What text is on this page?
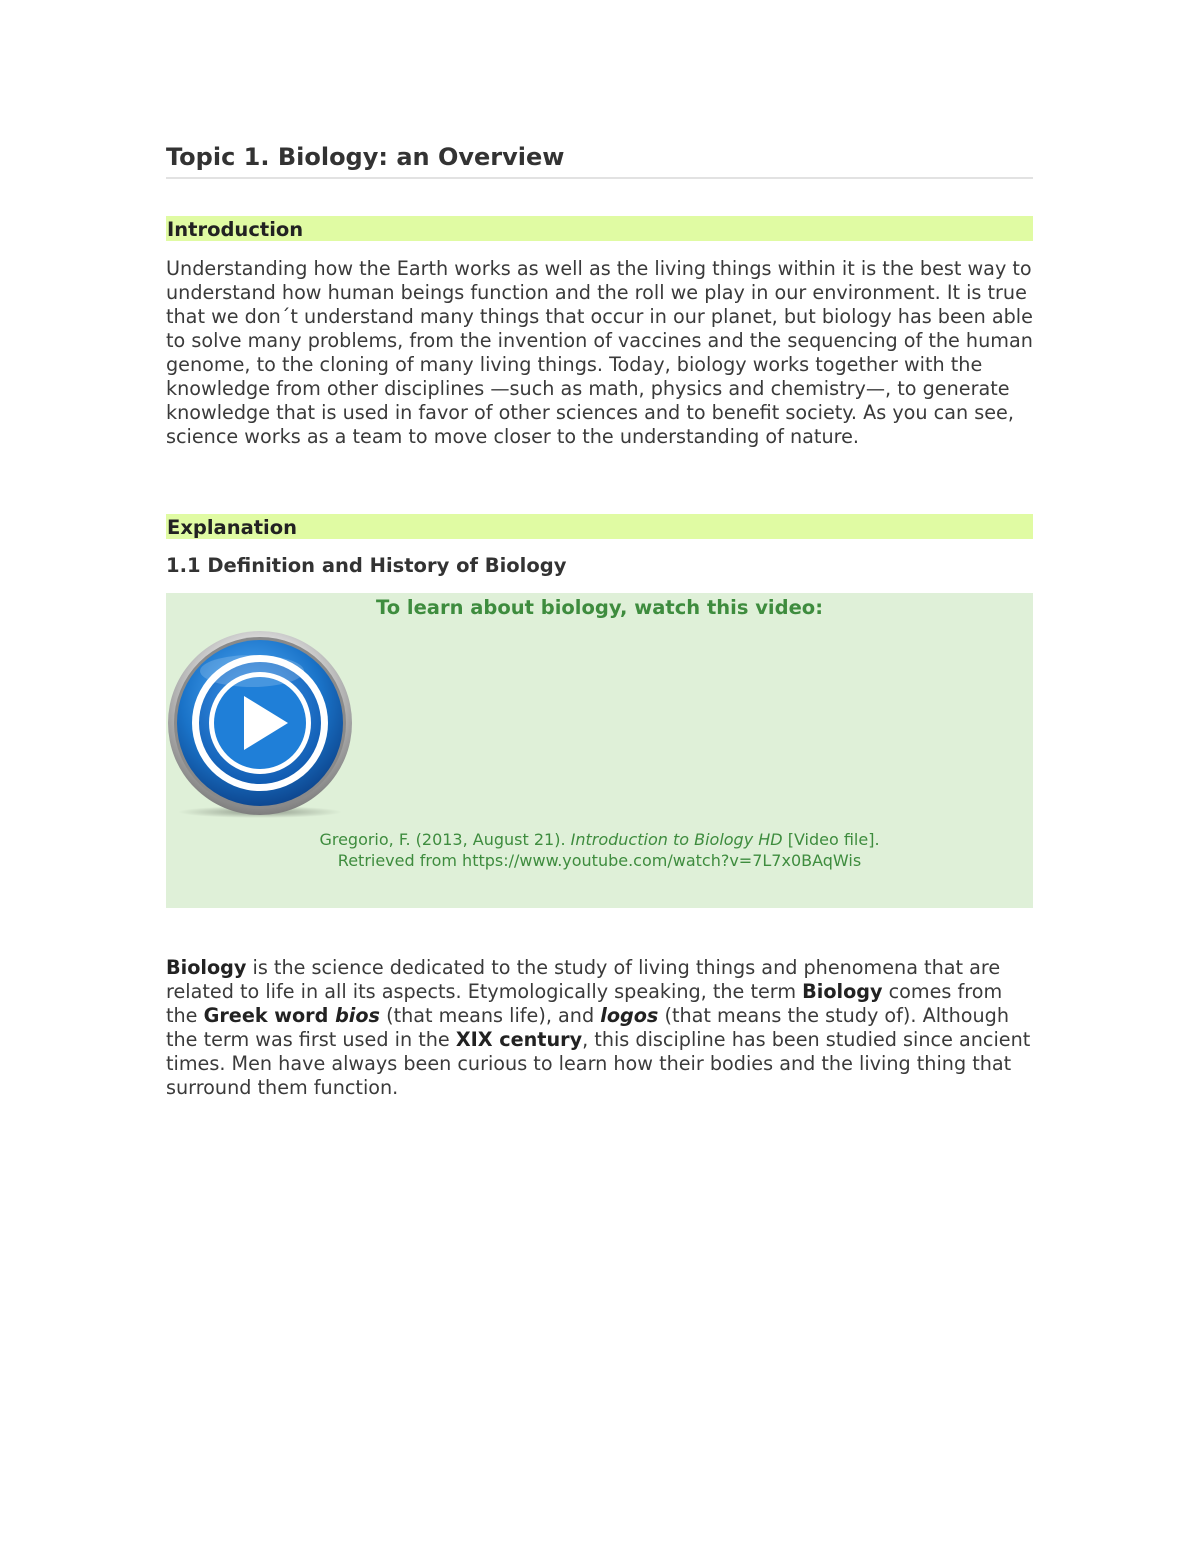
Topic 1. Biology: an Overview
Introduction

Understanding how the Earth works as well as the living things within it is the best way to understand how human beings function and the roll we play in our environment. It is true that we don´t understand many things that occur in our planet, but biology has been able to solve many problems, from the invention of vaccines and the sequencing of the human genome, to the cloning of many living things. Today, biology works together with the knowledge from other disciplines —such as math, physics and chemistry—, to generate knowledge that is used in favor of other sciences and to benefit society. As you can see, science works as a team to move closer to the understanding of nature.

Explanation
1.1 Definition and History of Biology
To learn about biology, watch this video:
Gregorio, F. (2013, August 21). Introduction to Biology HD [Video file].
Retrieved from https://www.youtube.com/watch?v=7L7x0BAqWis

Biology is the science dedicated to the study of living things and phenomena that are related to life in all its aspects. Etymologically speaking, the term Biology comes from the Greek word bios (that means life), and logos (that means the study of). Although the term was first used in the XIX century, this discipline has been studied since ancient times. Men have always been curious to learn how their bodies and the living thing that surround them function.
